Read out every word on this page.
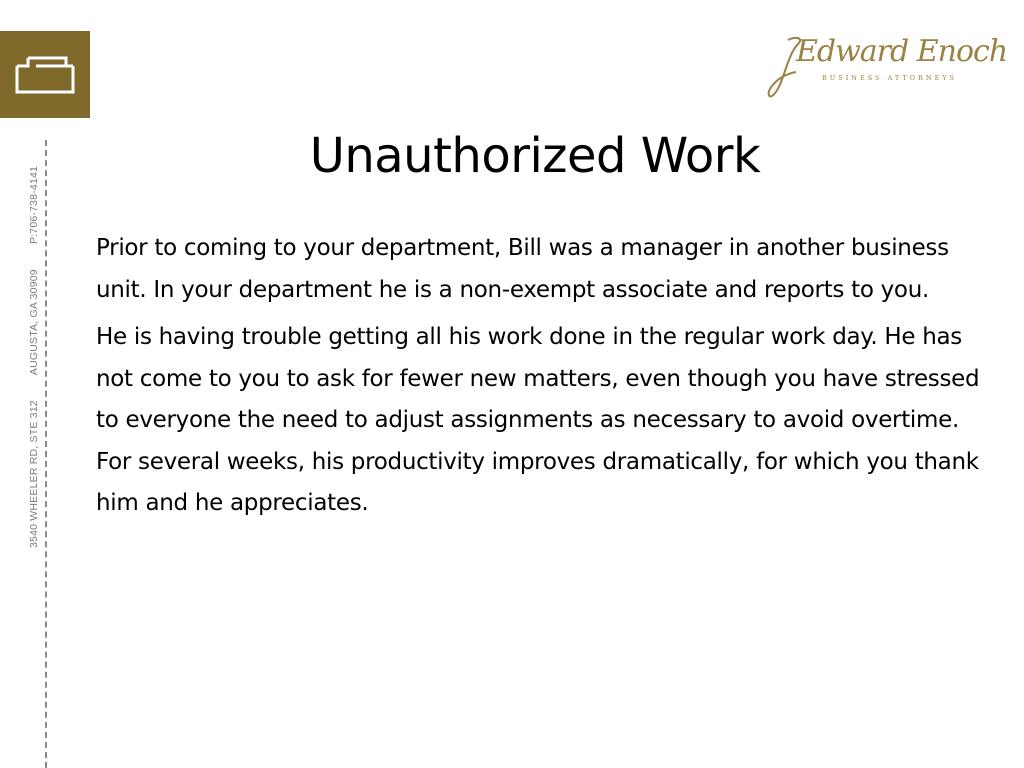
3540 WHEELER RD, STE 312 AUGUSTA, GA 30909 P:706-738-4141
Edward Enoch
BUSINESS ATTORNEYS
Unauthorized Work

Prior to coming to your department, Bill was a manager in another business unit. In your department he is a non-exempt associate and reports to you.

He is having trouble getting all his work done in the regular work day. He has not come to you to ask for fewer new matters, even though you have stressed to everyone the need to adjust assignments as necessary to avoid overtime.  For several weeks, his productivity improves dramatically, for which you thank him and he appreciates.
